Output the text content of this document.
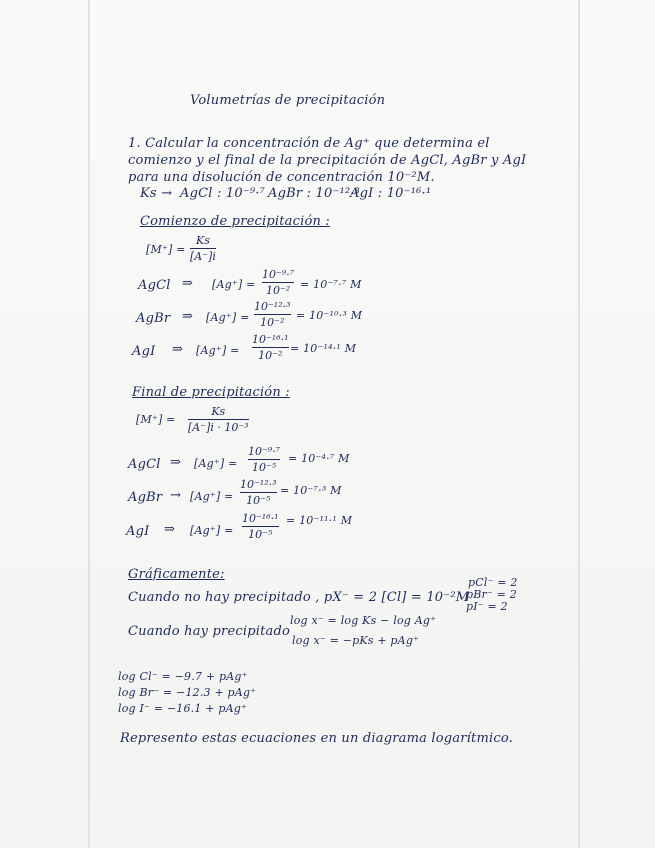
Volumetrías de precipitación
1. Calcular la concentración de Ag⁺ que determina el
comienzo y el final de la precipitación de AgCl, AgBr y AgI
para una disolución de concentración 10⁻²M.
Ks → AgCl : 10⁻⁹·⁷ AgBr : 10⁻¹²·³
AgI : 10⁻¹⁶·¹
Comienzo de precipitación :
[M⁺] =
Ks
[A⁻]i
AgCl ⇒ [Ag⁺] =
10⁻⁹·⁷
10⁻² = 10⁻⁷·⁷ M
AgBr ⇒ [Ag⁺] =
10⁻¹²·³
10⁻²
= 10⁻¹⁰·³ M
AgI ⇒ [Ag⁺] =
10⁻¹⁶·¹
10⁻²
= 10⁻¹⁴·¹ M
Final de precipitación :
[M⁺] =
Ks
[A⁻]i · 10⁻³
AgCl ⇒ [Ag⁺] =
10⁻⁹·⁷
10⁻⁵
= 10⁻⁴·⁷ M
AgBr → [Ag⁺] =
10⁻¹²·³
10⁻⁵
= 10⁻⁷·³ M
AgI ⇒ [Ag⁺] =
10⁻¹⁶·¹
10⁻⁵
= 10⁻¹¹·¹ M
Gráficamente:
Cuando no hay precipitado , pX⁻ = 2 [Cl] = 10⁻²M
pCl⁻ = 2
pBr⁻ = 2
pI⁻ = 2
Cuando hay precipitado
log x⁻ = log Ks − log Ag⁺
log x⁻ = −pKs + pAg⁺
log Cl⁻ = −9.7 + pAg⁺
log Br⁻ = −12.3 + pAg⁺
log I⁻ = −16.1 + pAg⁺
Represento estas ecuaciones en un diagrama logarítmico.
